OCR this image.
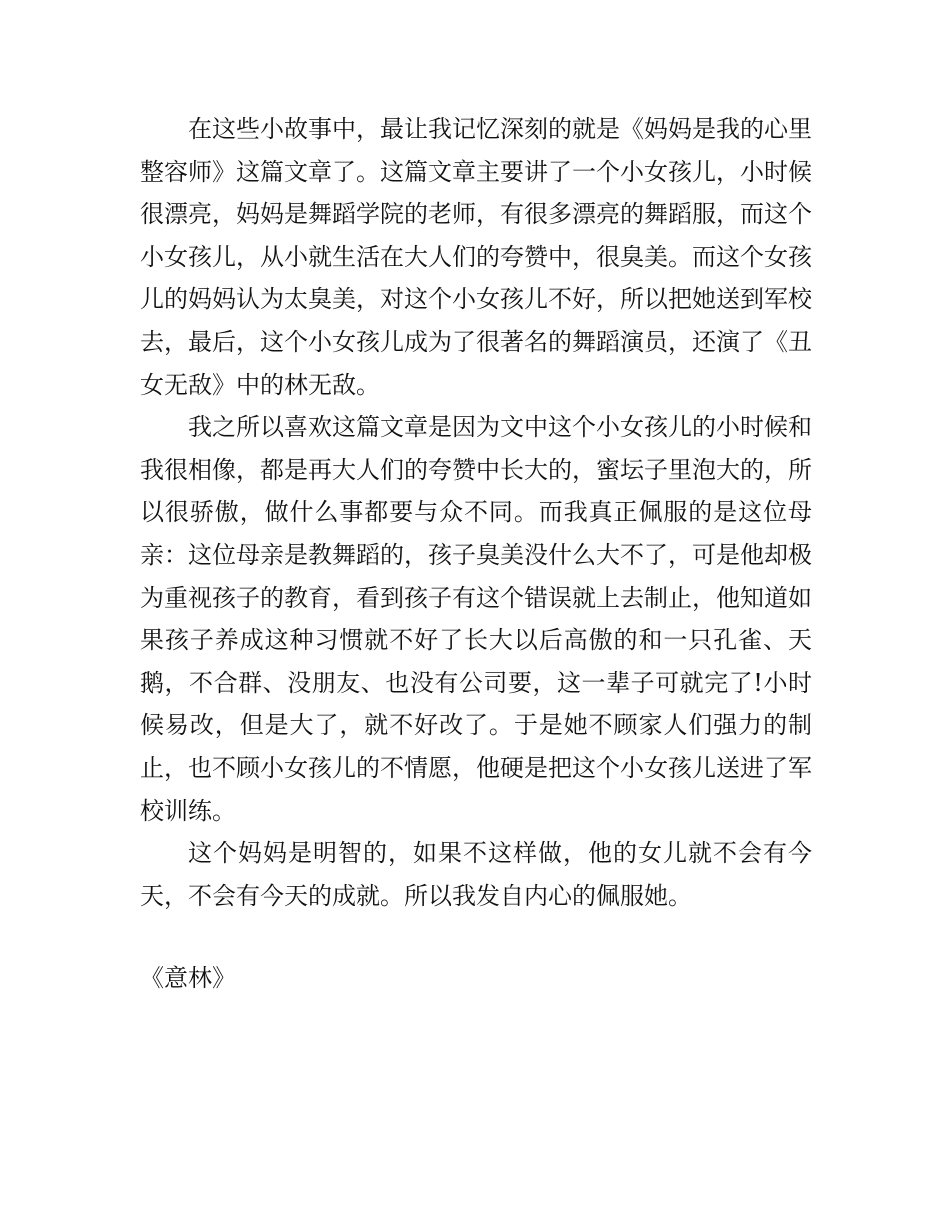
在这些小故事中，最让我记忆深刻的就是《妈妈是我的心里整容师》这篇文章了。这篇文章主要讲了一个小女孩儿，小时候很漂亮，妈妈是舞蹈学院的老师，有很多漂亮的舞蹈服，而这个小女孩儿，从小就生活在大人们的夸赞中，很臭美。而这个女孩儿的妈妈认为太臭美，对这个小女孩儿不好，所以把她送到军校去，最后，这个小女孩儿成为了很著名的舞蹈演员，还演了《丑女无敌》中的林无敌。

我之所以喜欢这篇文章是因为文中这个小女孩儿的小时候和我很相像，都是再大人们的夸赞中长大的，蜜坛子里泡大的，所以很骄傲，做什么事都要与众不同。而我真正佩服的是这位母亲：这位母亲是教舞蹈的，孩子臭美没什么大不了，可是他却极为重视孩子的教育，看到孩子有这个错误就上去制止，他知道如果孩子养成这种习惯就不好了长大以后高傲的和一只孔雀、天鹅，不合群、没朋友、也没有公司要，这一辈子可就完了!小时候易改，但是大了，就不好改了。于是她不顾家人们强力的制止，也不顾小女孩儿的不情愿，他硬是把这个小女孩儿送进了军校训练。

这个妈妈是明智的，如果不这样做，他的女儿就不会有今天，不会有今天的成就。所以我发自内心的佩服她。

《意林》
